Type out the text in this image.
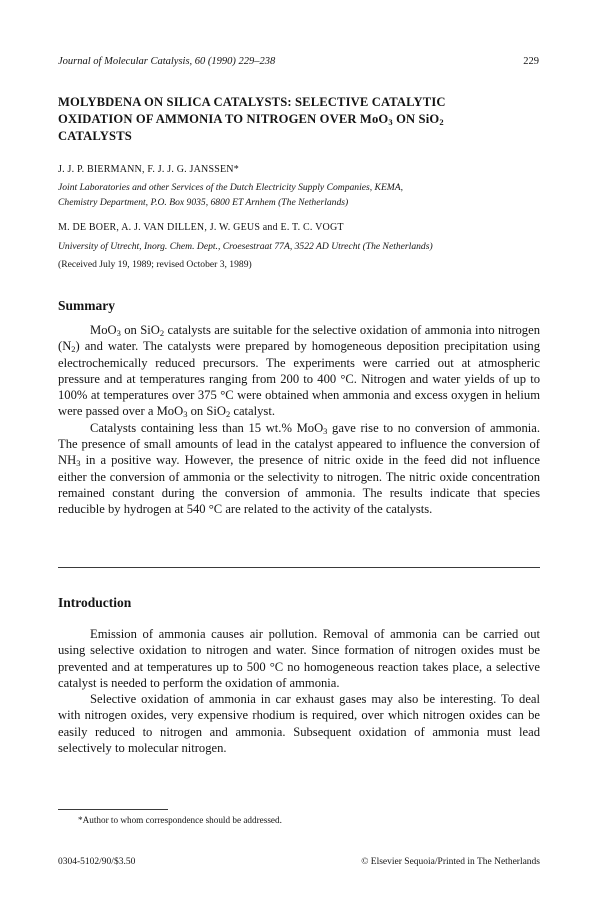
Journal of Molecular Catalysis, 60 (1990) 229–238	229
MOLYBDENA ON SILICA CATALYSTS: SELECTIVE CATALYTIC
OXIDATION OF AMMONIA TO NITROGEN OVER MoO$_3$ ON SiO$_2$
CATALYSTS
J. J. P. BIERMANN, F. J. J. G. JANSSEN*
Joint Laboratories and other Services of the Dutch Electricity Supply Companies, KEMA,
Chemistry Department, P.O. Box 9035, 6800 ET Arnhem (The Netherlands)
M. DE BOER, A. J. VAN DILLEN, J. W. GEUS and E. T. C. VOGT
University of Utrecht, Inorg. Chem. Dept., Croesestraat 77A, 3522 AD Utrecht (The Netherlands)
(Received July 19, 1989; revised October 3, 1989)
Summary

MoO$_3$ on SiO$_2$ catalysts are suitable for the selective oxidation of ammonia into nitrogen $(N_2)$ and water. The catalysts were prepared by homogeneous deposition precipitation using electrochemically reduced precursors. The experiments were carried out at atmospheric pressure and at temperatures ranging from 200 to 400 °C. Nitrogen and water yields of up to 100% at temperatures over 375 °C were obtained when ammonia and excess oxygen in helium were passed over a MoO$_3$ on SiO$_2$ catalyst.

Catalysts containing less than 15 wt.% MoO$_3$ gave rise to no conversion of ammonia. The presence of small amounts of lead in the catalyst appeared to influence the conversion of $NH_3$ in a positive way. However, the presence of nitric oxide in the feed did not influence either the conversion of ammonia or the selectivity to nitrogen. The nitric oxide concentration remained constant during the conversion of ammonia. The results indicate that species reducible by hydrogen at 540 °C are related to the activity of the catalysts.

Introduction

Emission of ammonia causes air pollution. Removal of ammonia can be carried out using selective oxidation to nitrogen and water. Since formation of nitrogen oxides must be prevented and at temperatures up to 500 °C no homogeneous reaction takes place, a selective catalyst is needed to perform the oxidation of ammonia.

Selective oxidation of ammonia in car exhaust gases may also be interesting. To deal with nitrogen oxides, very expensive rhodium is required, over which nitrogen oxides can be easily reduced to nitrogen and ammonia. Subsequent oxidation of ammonia must lead selectively to molecular nitrogen.

*Author to whom correspondence should be addressed.
0304-5102/90/$3.50	© Elsevier Sequoia/Printed in The Netherlands
